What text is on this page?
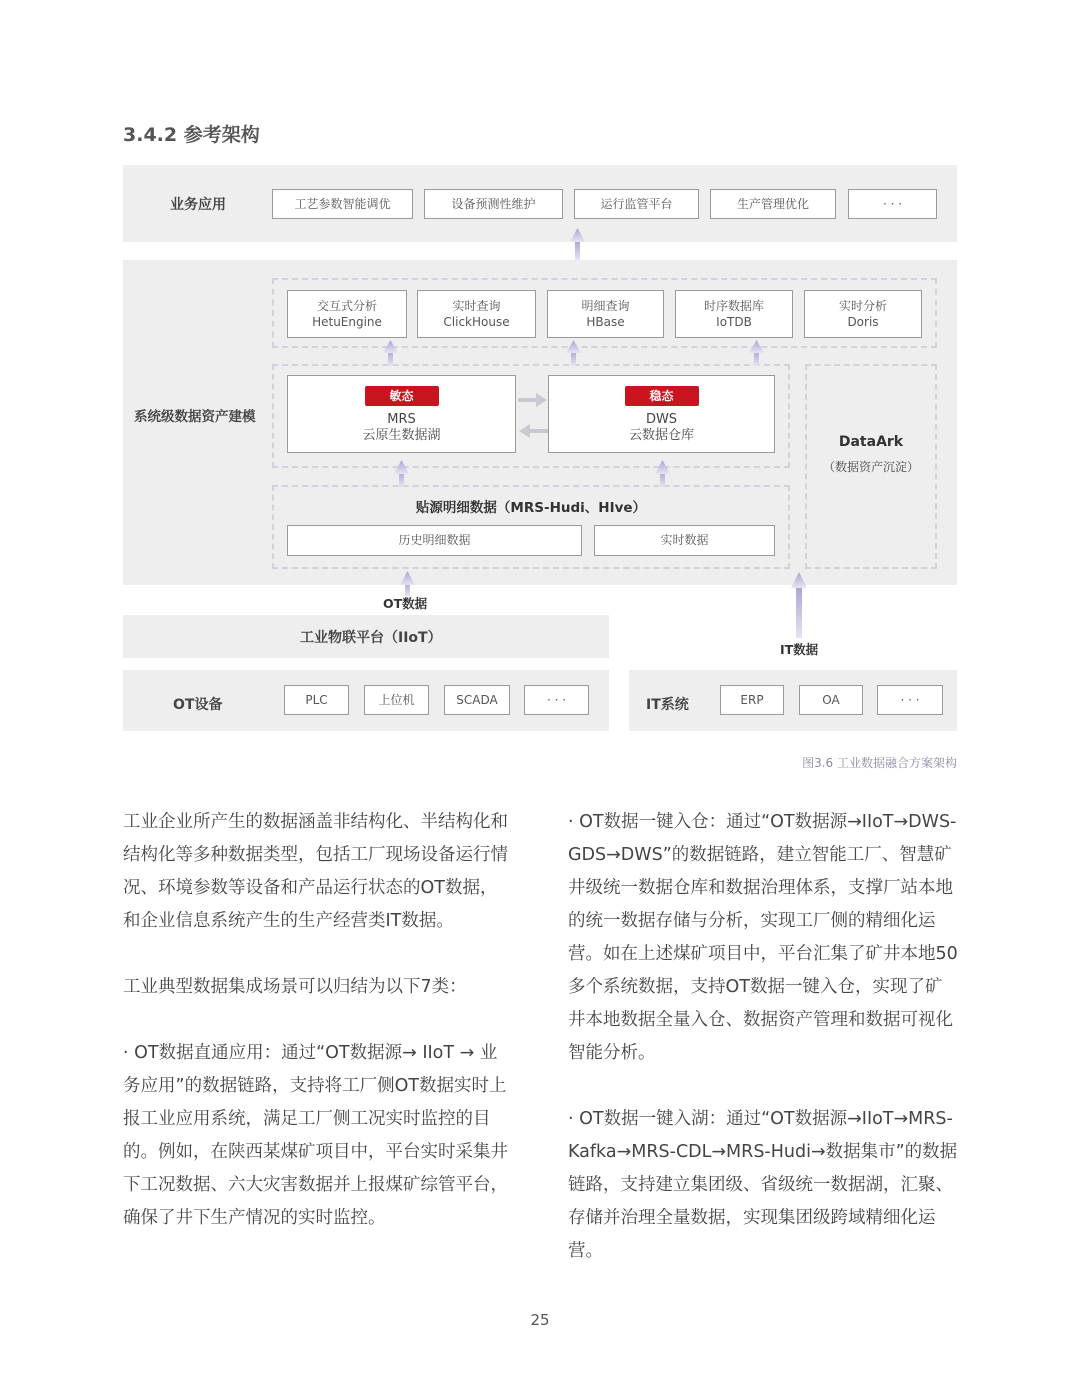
3.4.2 参考架构
业务应用	工艺参数智能调优	设备预测性维护	运行监管平台	生产管理优化	· · ·
系统级数据资产建模
交互式分析
HetuEngine
实时查询
ClickHouse
明细查询
HBase
时序数据库
IoTDB
实时分析
Doris
敏态
MRS
云原生数据湖
稳态
DWS
云数据仓库
贴源明细数据（MRS-Hudi、HIve）
历史明细数据	实时数据
DataArk
（数据资产沉淀）
OT数据
工业物联平台（IIoT）
IT数据
OT设备	PLC	上位机	SCADA	· · ·	IT系统	ERP	OA	· · ·
图3.6 工业数据融合方案架构

工业企业所产生的数据涵盖非结构化、半结构化和结构化等多种数据类型，包括工厂现场设备运行情况、环境参数等设备和产品运行状态的OT数据，和企业信息系统产生的生产经营类IT数据。

工业典型数据集成场景可以归结为以下7类：

· OT数据直通应用：通过“OT数据源→ IIoT → 业务应用”的数据链路，支持将工厂侧OT数据实时上报工业应用系统，满足工厂侧工况实时监控的目的。例如，在陕西某煤矿项目中，平台实时采集井下工况数据、六大灾害数据并上报煤矿综管平台，确保了井下生产情况的实时监控。

· OT数据一键入仓：通过“OT数据源→IIoT→DWS-GDS→DWS”的数据链路，建立智能工厂、智慧矿井级统一数据仓库和数据治理体系，支撑厂站本地的统一数据存储与分析，实现工厂侧的精细化运营。如在上述煤矿项目中，平台汇集了矿井本地50多个系统数据，支持OT数据一键入仓，实现了矿井本地数据全量入仓、数据资产管理和数据可视化智能分析。

· OT数据一键入湖：通过“OT数据源→IIoT→MRS-Kafka→MRS-CDL→MRS-Hudi→数据集市”的数据链路，支持建立集团级、省级统一数据湖，汇聚、存储并治理全量数据，实现集团级跨域精细化运营。

25
